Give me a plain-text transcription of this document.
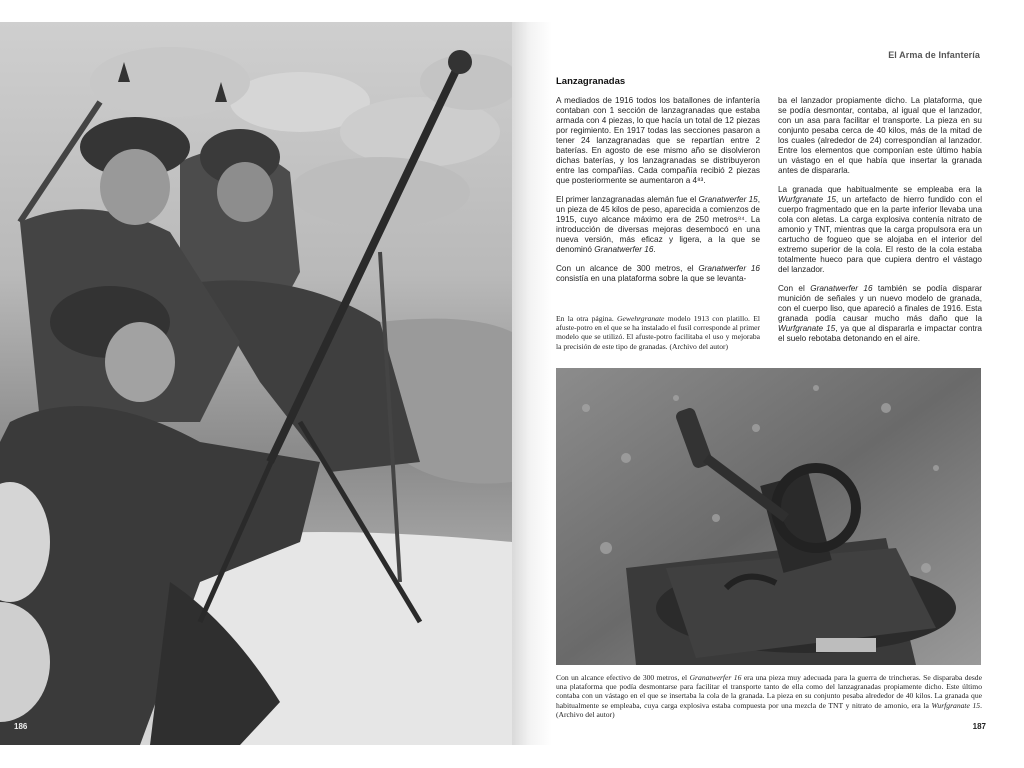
186
El Arma de Infantería
Lanzagranadas

A mediados de 1916 todos los batallones de infantería contaban con 1 sección de lanzagranadas que estaba armada con 4 piezas, lo que hacía un total de 12 piezas por regimiento. En 1917 todas las secciones pasaron a tener 24 lanzagranadas que se repartían entre 2 baterías. En agosto de ese mismo año se disolvieron dichas baterías, y los lanzagranadas se distribuyeron entre las compañías. Cada compañía recibió 2 piezas que posteriormente se aumentaron a 4⁸³.

El primer lanzagranadas alemán fue el Granatwerfer 15, un pieza de 45 kilos de peso, aparecida a comienzos de 1915, cuyo alcance máximo era de 250 metros⁸⁴. La introducción de diversas mejoras desembocó en una nueva versión, más eficaz y ligera, a la que se denominó Granatwerfer 16.

Con un alcance de 300 metros, el Granatwerfer 16 consistía en una plataforma sobre la que se levanta-

ba el lanzador propiamente dicho. La plataforma, que se podía desmontar, contaba, al igual que el lanzador, con un asa para facilitar el transporte. La pieza en su conjunto pesaba cerca de 40 kilos, más de la mitad de los cuales (alrededor de 24) correspondían al lanzador. Entre los elementos que componían este último había un vástago en el que había que insertar la granada antes de dispararla.

La granada que habitualmente se empleaba era la Wurfgranate 15, un artefacto de hierro fundido con el cuerpo fragmentado que en la parte inferior llevaba una cola con aletas. La carga explosiva contenía nitrato de amonio y TNT, mientras que la carga propulsora era un cartucho de fogueo que se alojaba en el interior del extremo superior de la cola. El resto de la cola estaba totalmente hueco para que cupiera dentro el vástago del lanzador.

Con el Granatwerfer 16 también se podía disparar munición de señales y un nuevo modelo de granada, con el cuerpo liso, que apareció a finales de 1916. Esta granada podía causar mucho más daño que la Wurfgranate 15, ya que al dispararla e impactar contra el suelo rebotaba detonando en el aire.

En la otra página. Gewehrgranate modelo 1913 con platillo. El afuste-potro en el que se ha instalado el fusil corresponde al primer modelo que se utilizó. El afuste-potro facilitaba el uso y mejoraba la precisión de este tipo de granadas. (Archivo del autor)
Con un alcance efectivo de 300 metros, el Granatwerfer 16 era una pieza muy adecuada para la guerra de trincheras. Se disparaba desde una plataforma que podía desmontarse para facilitar el transporte tanto de ella como del lanzagranadas propiamente dicho. Este último contaba con un vástago en el que se insertaba la cola de la granada. La pieza en su conjunto pesaba alrededor de 40 kilos. La granada que habitualmente se empleaba, cuya carga explosiva estaba compuesta por una mezcla de TNT y nitrato de amonio, era la Wurfgranate 15. (Archivo del autor)
187
